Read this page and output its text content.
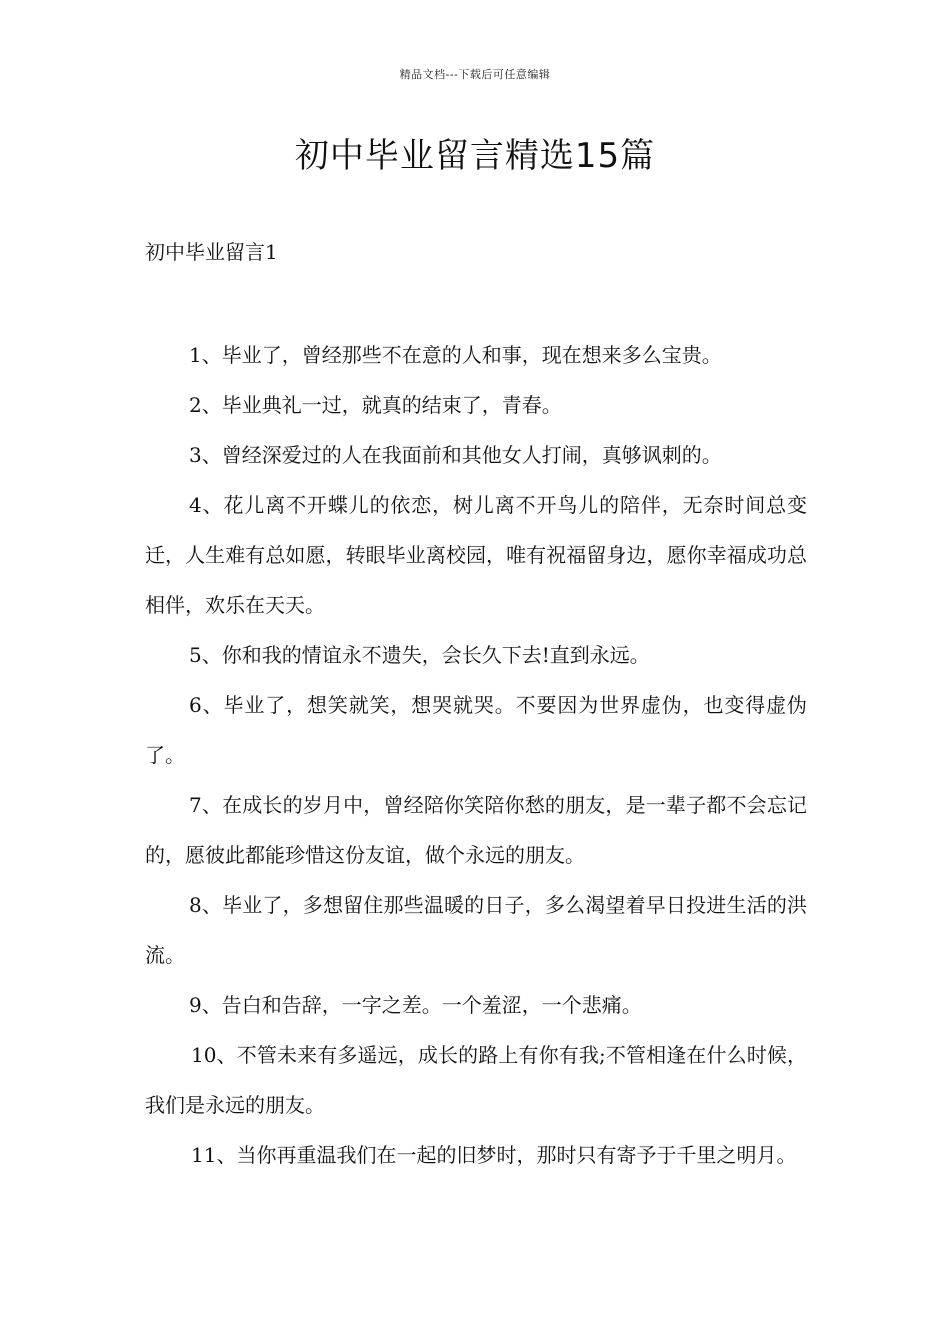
精品文档---下载后可任意编辑
初中毕业留言精选15篇

初中毕业留言1

1、毕业了，曾经那些不在意的人和事，现在想来多么宝贵。

2、毕业典礼一过，就真的结束了，青春。

3、曾经深爱过的人在我面前和其他女人打闹，真够讽刺的。

4、花儿离不开蝶儿的依恋，树儿离不开鸟儿的陪伴，无奈时间总变迁，人生难有总如愿，转眼毕业离校园，唯有祝福留身边，愿你幸福成功总相伴，欢乐在天天。

5、你和我的情谊永不遗失，会长久下去!直到永远。

6、毕业了，想笑就笑，想哭就哭。不要因为世界虚伪，也变得虚伪了。

7、在成长的岁月中，曾经陪你笑陪你愁的朋友，是一辈子都不会忘记的，愿彼此都能珍惜这份友谊，做个永远的朋友。

8、毕业了，多想留住那些温暖的日子，多么渴望着早日投进生活的洪流。

9、告白和告辞，一字之差。一个羞涩，一个悲痛。

10、不管未来有多遥远，成长的路上有你有我;不管相逢在什么时候，我们是永远的朋友。

11、当你再重温我们在一起的旧梦时，那时只有寄予于千里之明月。
